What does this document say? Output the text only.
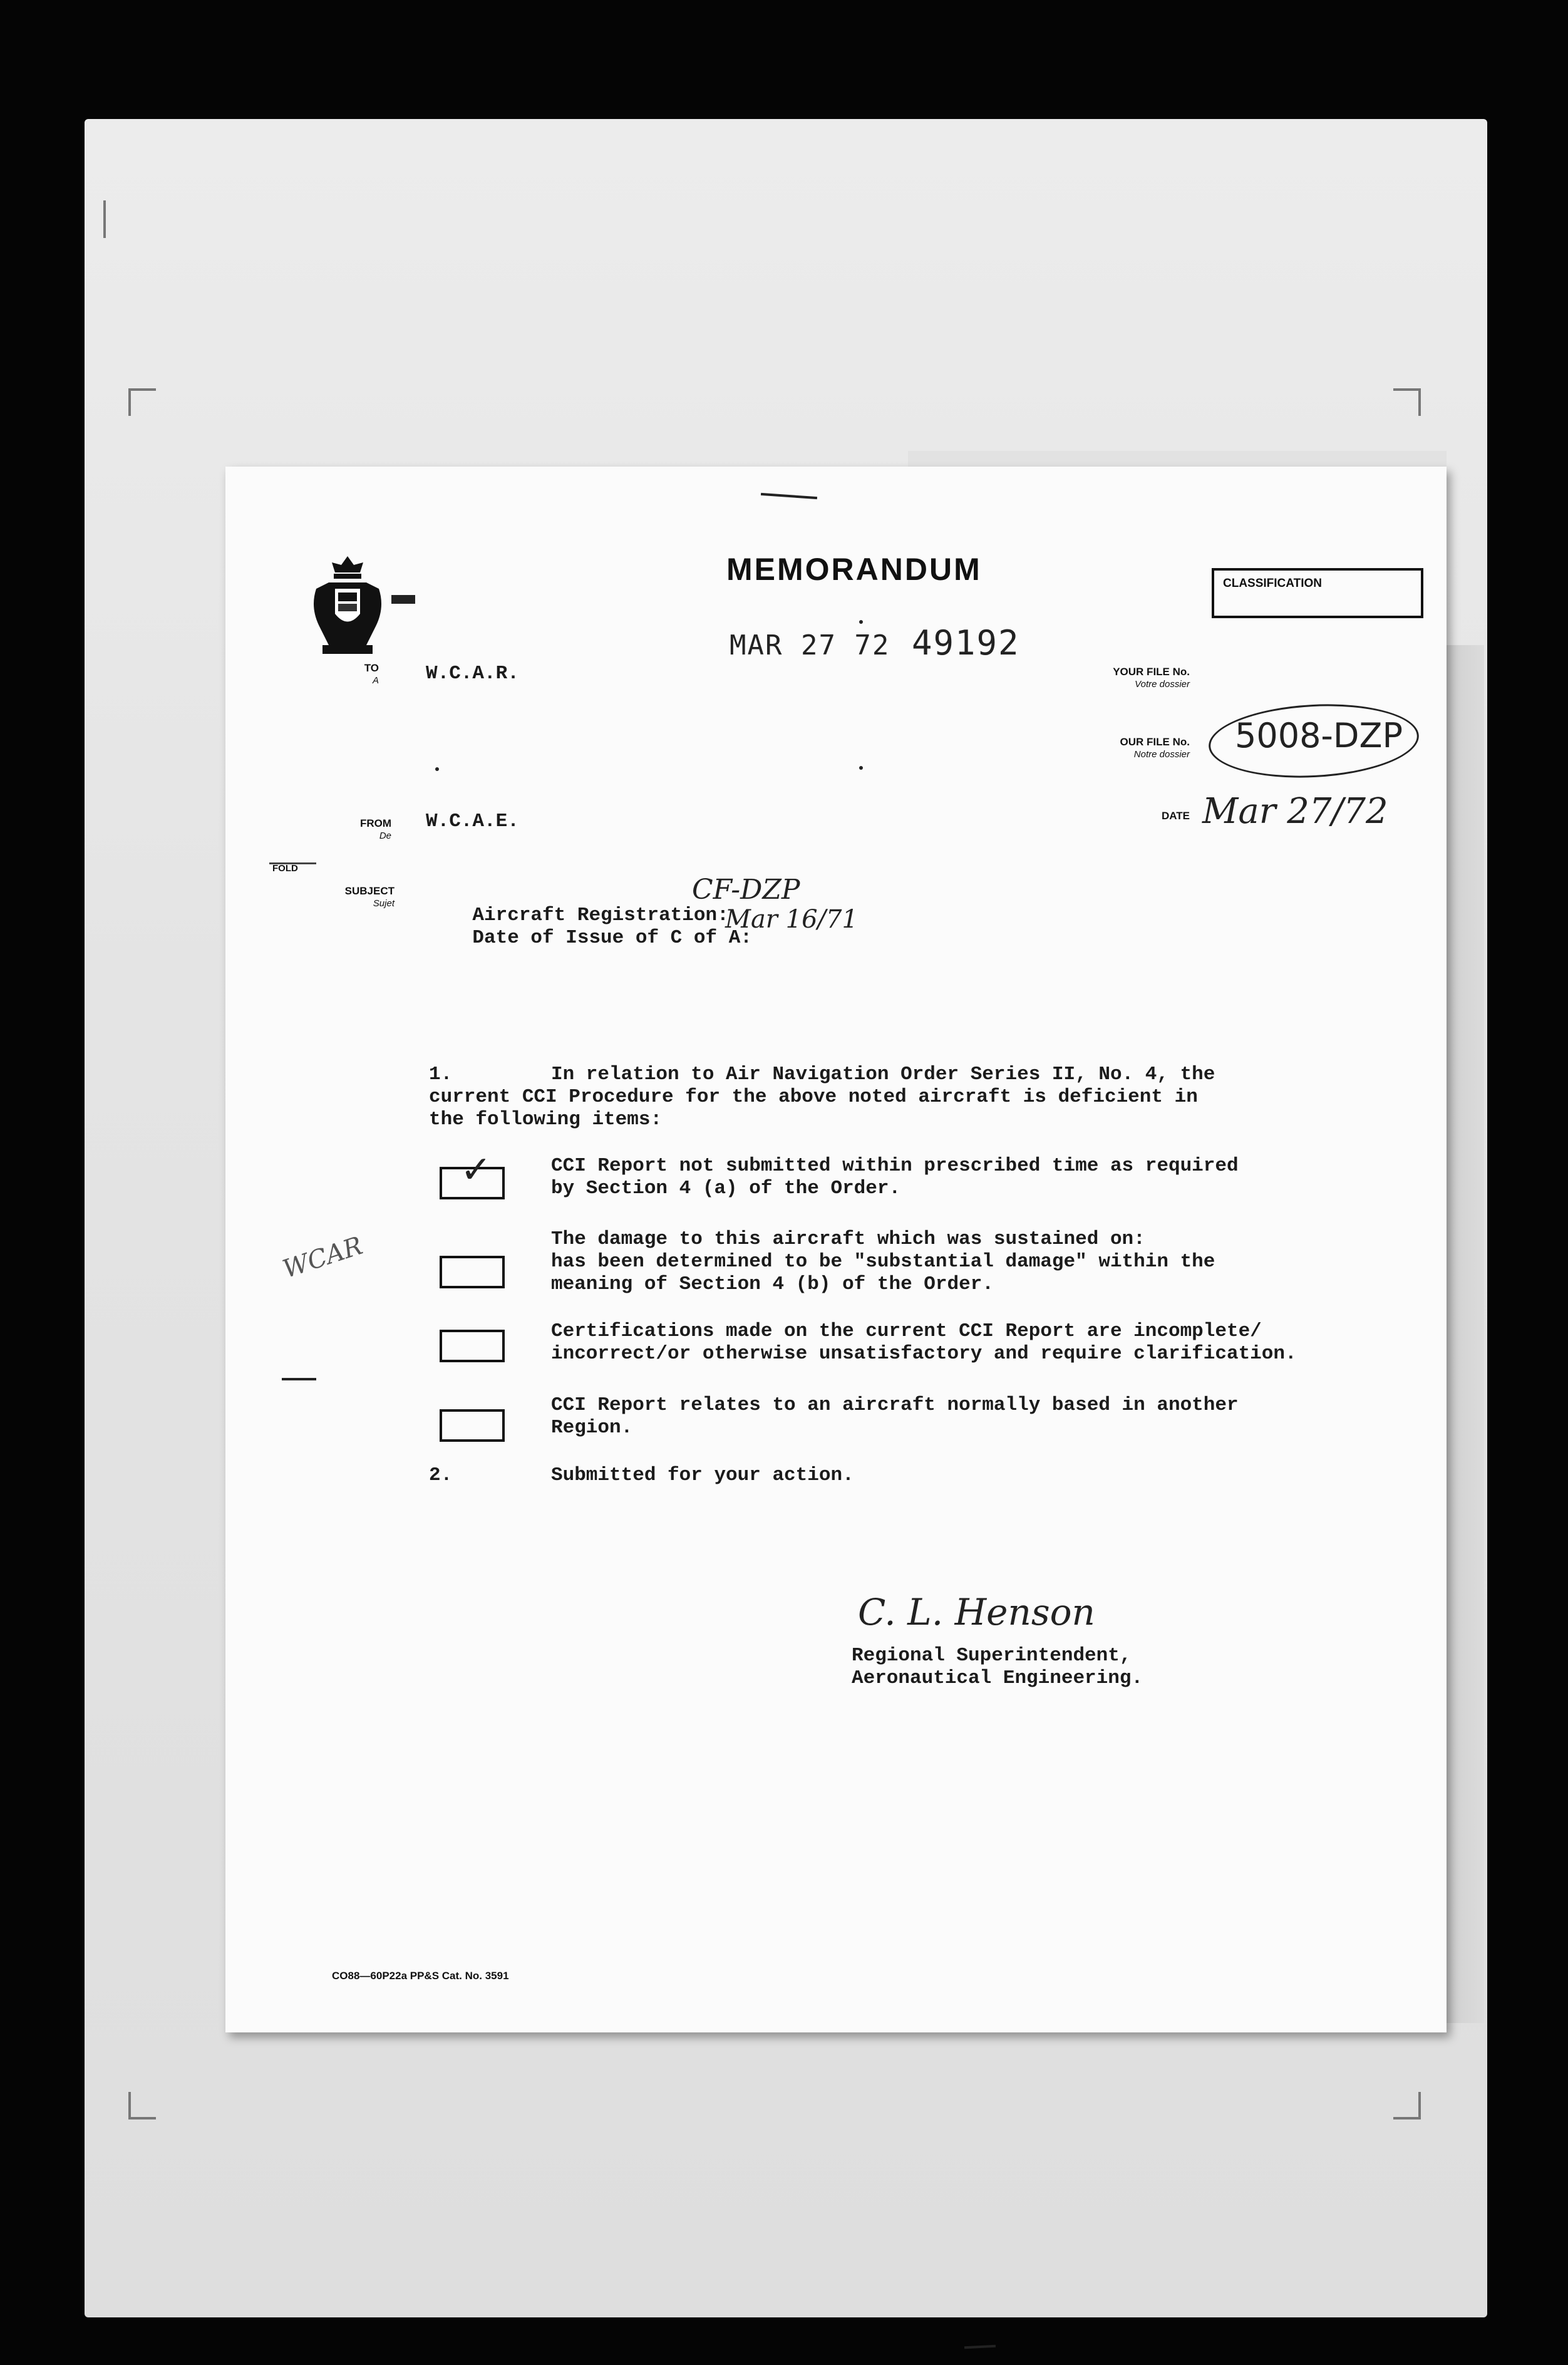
MEMORANDUM	CLASSIFICATION
MAR 27 72 49192
TO
A W.C.A.R.	YOUR FILE No.
Votre dossier
OUR FILE No.
Notre dossier 5008-DZP
DATE Mar 27/72
FROM
De
W.C.A.E.
FOLD
SUBJECT
Sujet

Aircraft Registration:

CF-DZP

Date of Issue of C of A:

Mar 16/71
1.	In relation to Air Navigation Order Series II, No. 4, the
current CCI Procedure for the above noted aircraft is deficient in
the following items:
✓	CCI Report not submitted within prescribed time as required
by Section 4 (a) of the Order.
The damage to this aircraft which was sustained on:
has been determined to be "substantial damage" within the
meaning of Section 4 (b) of the Order.
Certifications made on the current CCI Report are incomplete/
incorrect/or otherwise unsatisfactory and require clarification.
CCI Report relates to an aircraft normally based in another
Region.
2.	Submitted for your action.
WCAR
C. L. Henson
Regional Superintendent,
Aeronautical Engineering.
CO88—60P22a PP&S Cat. No. 3591
